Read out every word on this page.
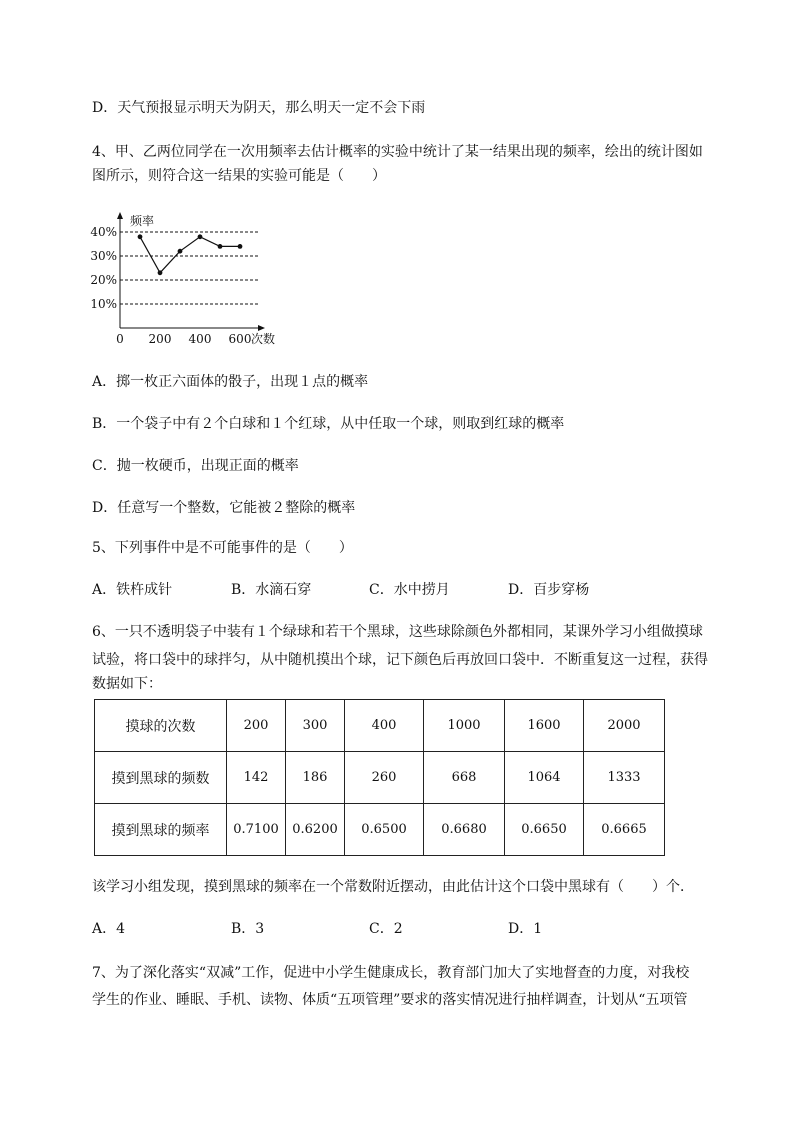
D．天气预报显示明天为阴天，那么明天一定不会下雨
4、甲、乙两位同学在一次用频率去估计概率的实验中统计了某一结果出现的频率，绘出的统计图如
图所示，则符合这一结果的实验可能是（　　）
频率
次数
10%
20%
30%
40%
0 200 400 600
A．掷一枚正六面体的骰子，出现１点的概率
B．一个袋子中有２个白球和１个红球，从中任取一个球，则取到红球的概率
C．抛一枚硬币，出现正面的概率
D．任意写一个整数，它能被２整除的概率
5、下列事件中是不可能事件的是（　　）
A．铁杵成针	B．水滴石穿	C．水中捞月	D．百步穿杨
6、一只不透明袋子中装有１个绿球和若干个黑球，这些球除颜色外都相同，某课外学习小组做摸球
试验，将口袋中的球拌匀，从中随机摸出个球，记下颜色后再放回口袋中．不断重复这一过程，获得
数据如下：
摸球的次数	200	300	400	1000	1600	2000
摸到黑球的频数	142	186	260	668	1064	1333
摸到黑球的频率	0.7100	0.6200	0.6500	0.6680	0.6650	0.6665
该学习小组发现，摸到黑球的频率在一个常数附近摆动，由此估计这个口袋中黑球有（　　）个．
A．4	B．3	C．2	D．1
7、为了深化落实“双减”工作，促进中小学生健康成长，教育部门加大了实地督查的力度，对我校
学生的作业、睡眠、手机、读物、体质“五项管理”要求的落实情况进行抽样调查，计划从“五项管
